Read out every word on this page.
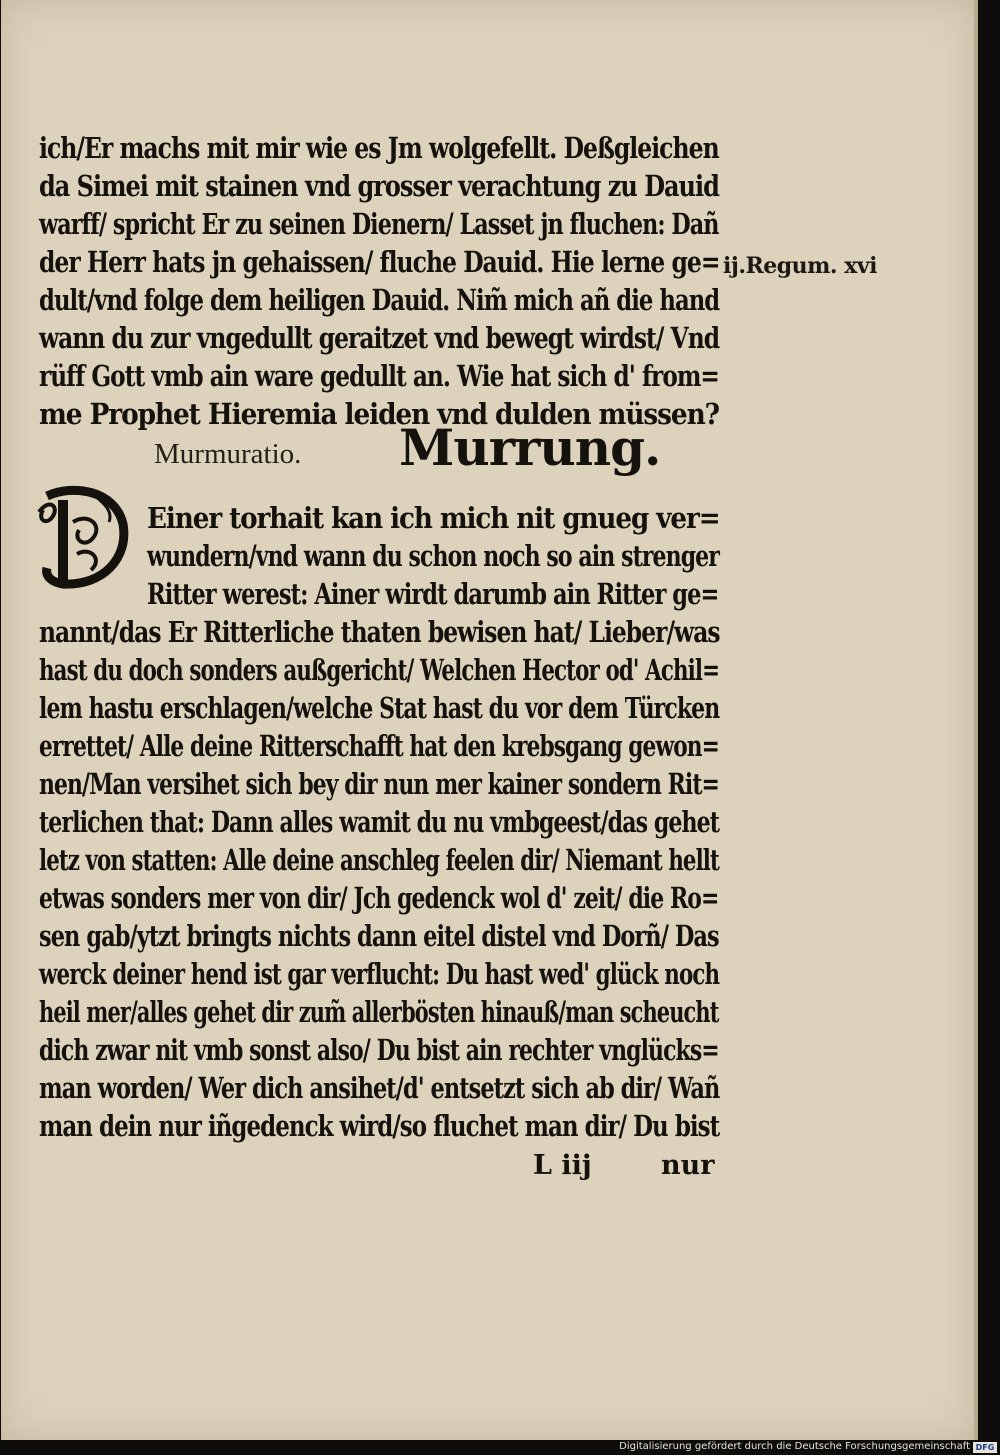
ich/Er machs mit mir wie es Jm wolgefellt. Deßgleichen

da Simei mit stainen vnd grosser verachtung zu Dauid

warff/ spricht Er zu seinen Dienern/ Lasset jn fluchen: Dañ

der Herr hats jn gehaissen/ fluche Dauid. Hie lerne ge=

dult/vnd folge dem heiligen Dauid. Nim̃ mich añ die hand

wann du zur vngedullt geraitzet vnd bewegt wirdst/ Vnd

rüff Gott vmb ain ware gedullt an. Wie hat sich d' from=

me Prophet Hieremia leiden vnd dulden müssen?

ij.Regum. xvi
Murmuratio. Murrung.

Einer torhait kan ich mich nit gnueg ver=

wundern/vnd wann du schon noch so ain strenger

Ritter werest: Ainer wirdt darumb ain Ritter ge=

nannt/das Er Ritterliche thaten bewisen hat/ Lieber/was

hast du doch sonders außgericht/ Welchen Hector od' Achil=

lem hastu erschlagen/welche Stat hast du vor dem Türcken

errettet/ Alle deine Ritterschafft hat den krebsgang gewon=

nen/Man versihet sich bey dir nun mer kainer sondern Rit=

terlichen that: Dann alles wamit du nu vmbgeest/das gehet

letz von statten: Alle deine anschleg feelen dir/ Niemant hellt

etwas sonders mer von dir/ Jch gedenck wol d' zeit/ die Ro=

sen gab/ytzt bringts nichts dann eitel distel vnd Dorñ/ Das

werck deiner hend ist gar verflucht: Du hast wed' glück noch

heil mer/alles gehet dir zum̃ allerbösten hinauß/man scheucht

dich zwar nit vmb sonst also/ Du bist ain rechter vnglücks=

man worden/ Wer dich ansihet/d' entsetzt sich ab dir/ Wañ

man dein nur iñgedenck wird/so fluchet man dir/ Du bist

L iij	nur
Digitalisierung gefördert durch die Deutsche Forschungsgemeinschaft DFG
